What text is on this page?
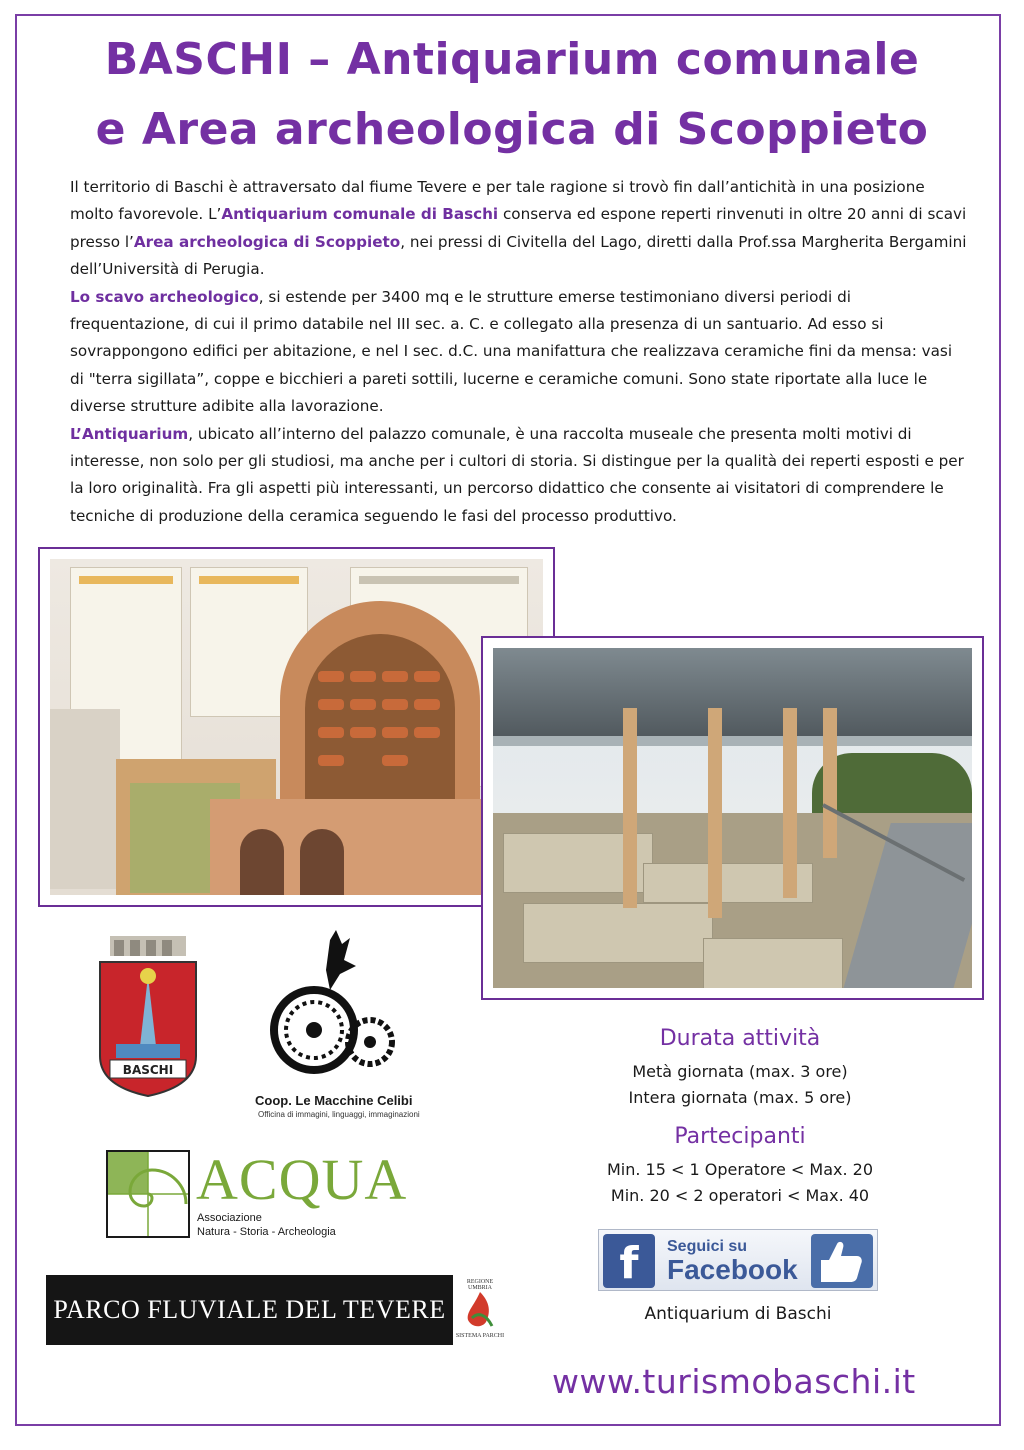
BASCHI – Antiquarium comunale
e Area archeologica di Scoppieto

Il territorio di Baschi è attraversato dal fiume Tevere e per tale ragione si trovò fin dall’antichità in una posizione molto favorevole. L’Antiquarium comunale di Baschi conserva ed espone reperti rinvenuti in oltre 20 anni di scavi presso l’Area archeologica di Scoppieto, nei pressi di Civitella del Lago, diretti dalla Prof.ssa Margherita Bergamini dell’Università di Perugia.

Lo scavo archeologico, si estende per 3400 mq e le strutture emerse testimoniano diversi periodi di frequentazione, di cui il primo databile nel III sec. a. C. e collegato alla presenza di un santuario. Ad esso si sovrappongono edifici per abitazione, e nel I sec. d.C. una manifattura che realizzava ceramiche fini da mensa: vasi di "terra sigillata”, coppe e bicchieri a pareti sottili, lucerne e ceramiche comuni. Sono state riportate alla luce le diverse strutture adibite alla lavorazione.

L’Antiquarium, ubicato all’interno del palazzo comunale, è una raccolta museale che presenta molti motivi di interesse, non solo per gli studiosi, ma anche per i cultori di storia. Si distingue per la qualità dei reperti esposti e per la loro originalità. Fra gli aspetti più interessanti, un percorso didattico che consente ai visitatori di comprendere le tecniche di produzione della ceramica seguendo le fasi del processo produttivo.

BASCHI
Coop. Le Macchine Celibi
Officina di immagini, linguaggi, immaginazioni
ACQUA
Associazione
Natura - Storia - Archeologia
PARCO FLUVIALE DEL TEVERE
REGIONE UMBRIA
SISTEMA PARCHI
Durata attività
Metà giornata (max. 3 ore)
Intera giornata (max. 5 ore)
Partecipanti
Min. 15 < 1 Operatore < Max. 20
Min. 20 < 2 operatori < Max. 40
f	Seguici su
Facebook
Antiquarium di Baschi
www.turismobaschi.it
